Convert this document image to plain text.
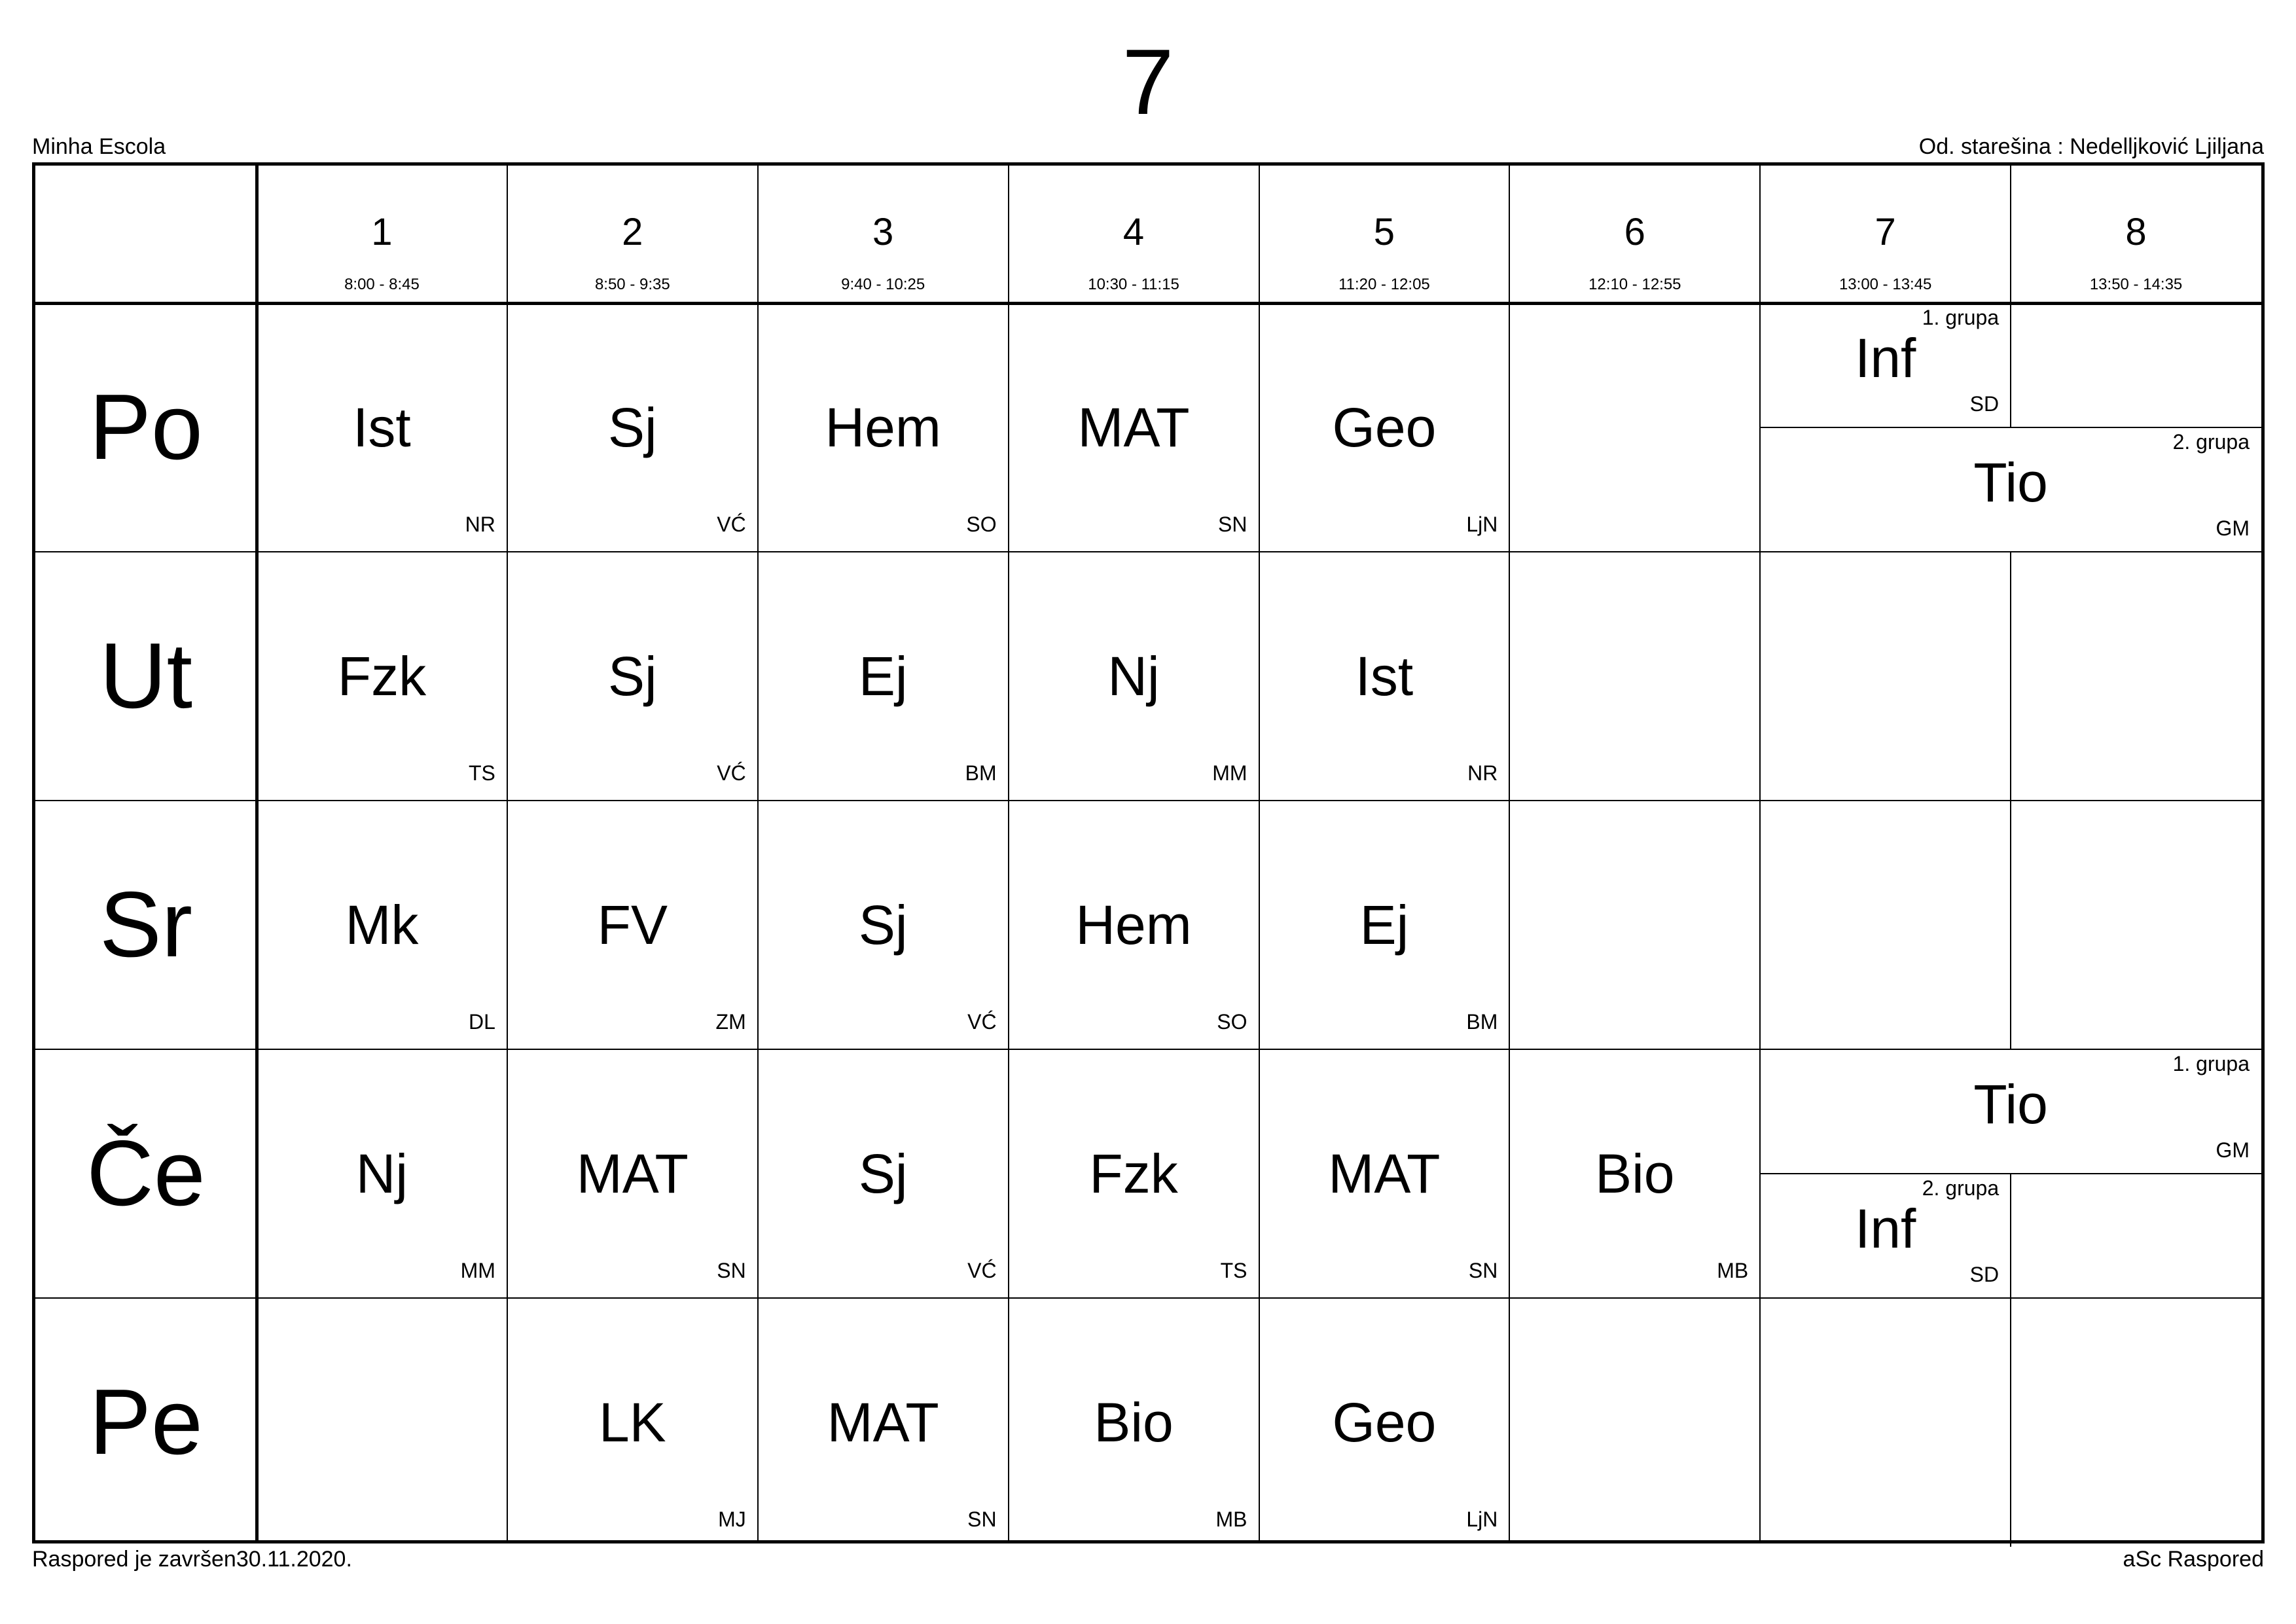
7
Minha Escola	Od. starešina : Nedelljković Ljiljana
1
8:00 - 8:45
2
8:50 - 9:35
3
9:40 - 10:25
4
10:30 - 11:15
5
11:20 - 12:05
6
12:10 - 12:55
7
13:00 - 13:45
8
13:50 - 14:35
Po
Ut
Sr
Če
Pe
Ist
NR
Sj
VĆ
Hem
SO
MAT
SN
Geo
LjN
Fzk
TS
Sj
VĆ
Ej
BM
Nj
MM
Ist
NR
Mk
DL
FV
ZM
Sj
VĆ
Hem
SO
Ej
BM
Nj
MM
MAT
SN
Sj
VĆ
Fzk
TS
MAT
SN
Bio
MB
LK
MJ
MAT
SN
Bio
MB
Geo
LjN
1. grupa
Inf
SD
2. grupa
Tio
GM
1. grupa
Tio
GM
2. grupa
Inf
SD
Raspored je završen30.11.2020.	aSc Raspored
